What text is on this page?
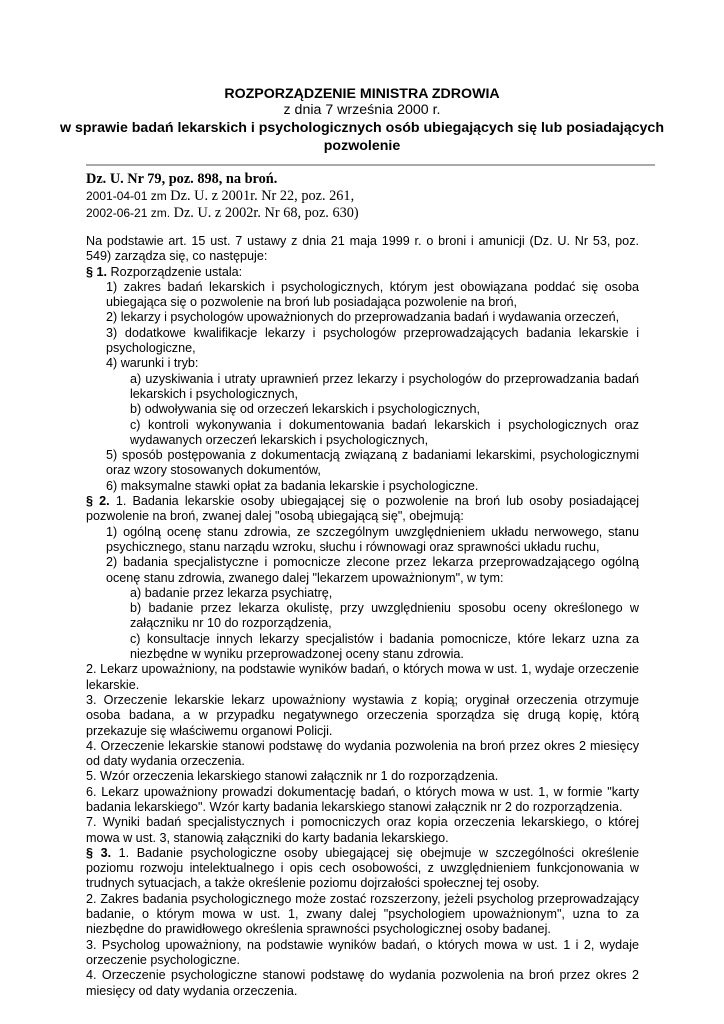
ROZPORZĄDZENIE MINISTRA ZDROWIA
z dnia 7 września 2000 r.
w sprawie badań lekarskich i psychologicznych osób ubiegających się lub posiadających pozwolenie
Dz. U. Nr 79, poz. 898, na broń.
2001-04-01 zm Dz. U. z 2001r. Nr 22, poz. 261,
2002-06-21 zm. Dz. U. z 2002r. Nr 68, poz. 630)

Na podstawie art. 15 ust. 7 ustawy z dnia 21 maja 1999 r. o broni i amunicji (Dz. U. Nr 53, poz. 549) zarządza się, co następuje:

§ 1. Rozporządzenie ustala:

1) zakres badań lekarskich i psychologicznych, którym jest obowiązana poddać się osoba ubiegająca się o pozwolenie na broń lub posiadająca pozwolenie na broń,

2) lekarzy i psychologów upoważnionych do przeprowadzania badań i wydawania orzeczeń,

3) dodatkowe kwalifikacje lekarzy i psychologów przeprowadzających badania lekarskie i psychologiczne,

4) warunki i tryb:

a) uzyskiwania i utraty uprawnień przez lekarzy i psychologów do przeprowadzania badań lekarskich i psychologicznych,

b) odwoływania się od orzeczeń lekarskich i psychologicznych,

c) kontroli wykonywania i dokumentowania badań lekarskich i psychologicznych oraz wydawanych orzeczeń lekarskich i psychologicznych,

5) sposób postępowania z dokumentacją związaną z badaniami lekarskimi, psychologicznymi oraz wzory stosowanych dokumentów,

6) maksymalne stawki opłat za badania lekarskie i psychologiczne.

§ 2. 1. Badania lekarskie osoby ubiegającej się o pozwolenie na broń lub osoby posiadającej pozwolenie na broń, zwanej dalej "osobą ubiegającą się", obejmują:

1) ogólną ocenę stanu zdrowia, ze szczególnym uwzględnieniem układu nerwowego, stanu psychicznego, stanu narządu wzroku, słuchu i równowagi oraz sprawności układu ruchu,

2) badania specjalistyczne i pomocnicze zlecone przez lekarza przeprowadzającego ogólną ocenę stanu zdrowia, zwanego dalej "lekarzem upoważnionym", w tym:

a) badanie przez lekarza psychiatrę,

b) badanie przez lekarza okulistę, przy uwzględnieniu sposobu oceny określonego w załączniku nr 10 do rozporządzenia,

c) konsultacje innych lekarzy specjalistów i badania pomocnicze, które lekarz uzna za niezbędne w wyniku przeprowadzonej oceny stanu zdrowia.

2. Lekarz upoważniony, na podstawie wyników badań, o których mowa w ust. 1, wydaje orzeczenie lekarskie.

3. Orzeczenie lekarskie lekarz upoważniony wystawia z kopią; oryginał orzeczenia otrzymuje osoba badana, a w przypadku negatywnego orzeczenia sporządza się drugą kopię, którą przekazuje się właściwemu organowi Policji.

4. Orzeczenie lekarskie stanowi podstawę do wydania pozwolenia na broń przez okres 2 miesięcy od daty wydania orzeczenia.

5. Wzór orzeczenia lekarskiego stanowi załącznik nr 1 do rozporządzenia.

6. Lekarz upoważniony prowadzi dokumentację badań, o których mowa w ust. 1, w formie "karty badania lekarskiego". Wzór karty badania lekarskiego stanowi załącznik nr 2 do rozporządzenia.

7. Wyniki badań specjalistycznych i pomocniczych oraz kopia orzeczenia lekarskiego, o której mowa w ust. 3, stanowią załączniki do karty badania lekarskiego.

§ 3. 1. Badanie psychologiczne osoby ubiegającej się obejmuje w szczególności określenie poziomu rozwoju intelektualnego i opis cech osobowości, z uwzględnieniem funkcjonowania w trudnych sytuacjach, a także określenie poziomu dojrzałości społecznej tej osoby.

2. Zakres badania psychologicznego może zostać rozszerzony, jeżeli psycholog przeprowadzający badanie, o którym mowa w ust. 1, zwany dalej "psychologiem upoważnionym", uzna to za niezbędne do prawidłowego określenia sprawności psychologicznej osoby badanej.

3. Psycholog upoważniony, na podstawie wyników badań, o których mowa w ust. 1 i 2, wydaje orzeczenie psychologiczne.

4. Orzeczenie psychologiczne stanowi podstawę do wydania pozwolenia na broń przez okres 2 miesięcy od daty wydania orzeczenia.
